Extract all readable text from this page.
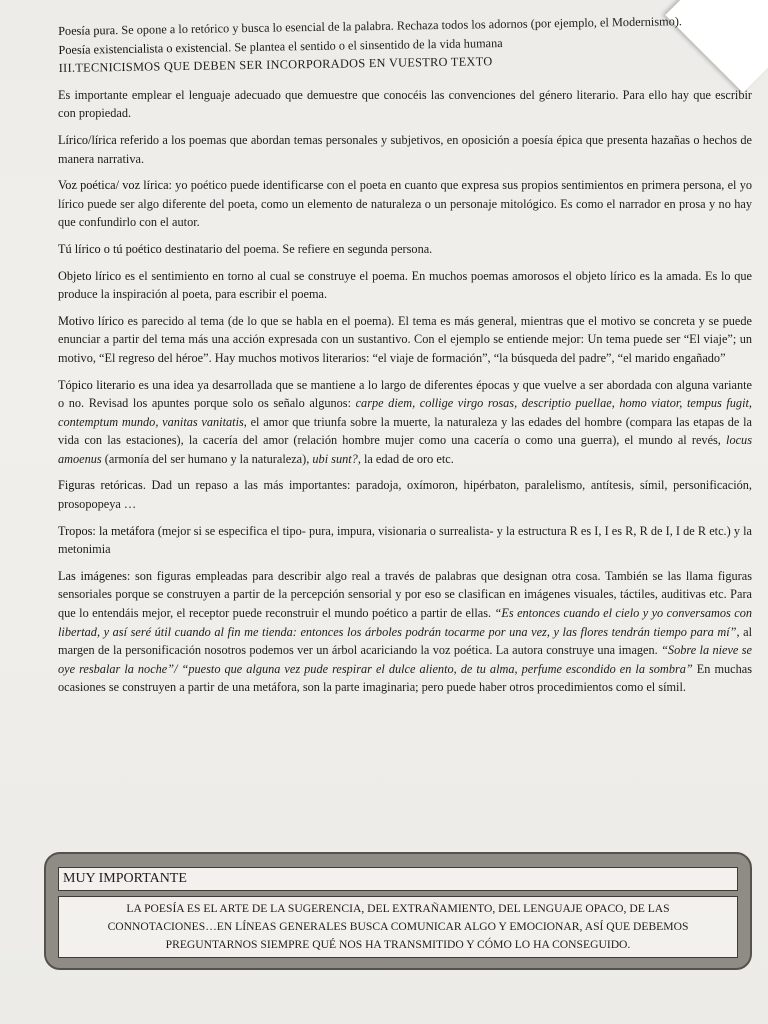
Poesía pura. Se opone a lo retórico y busca lo esencial de la palabra. Rechaza todos los adornos (por ejemplo, el Modernismo).

Poesía existencialista o existencial. Se plantea el sentido o el sinsentido de la vida humana

III.TECNICISMOS QUE DEBEN SER INCORPORADOS EN VUESTRO TEXTO

Es importante emplear el lenguaje adecuado que demuestre que conocéis las convenciones del género literario. Para ello hay que escribir con propiedad.

Lírico/lírica referido a los poemas que abordan temas personales y subjetivos, en oposición a poesía épica que presenta hazañas o hechos de manera narrativa.

Voz poética/ voz lírica: yo poético puede identificarse con el poeta en cuanto que expresa sus propios sentimientos en primera persona, el yo lírico puede ser algo diferente del poeta, como un elemento de naturaleza o un personaje mitológico. Es como el narrador en prosa y no hay que confundirlo con el autor.

Tú lírico o tú poético destinatario del poema. Se refiere en segunda persona.

Objeto lírico es el sentimiento en torno al cual se construye el poema. En muchos poemas amorosos el objeto lírico es la amada. Es lo que produce la inspiración al poeta, para escribir el poema.

Motivo lírico es parecido al tema (de lo que se habla en el poema). El tema es más general, mientras que el motivo se concreta y se puede enunciar a partir del tema más una acción expresada con un sustantivo. Con el ejemplo se entiende mejor: Un tema puede ser “El viaje”; un motivo, “El regreso del héroe”. Hay muchos motivos literarios: “el viaje de formación”, “la búsqueda del padre”, “el marido engañado”

Tópico literario es una idea ya desarrollada que se mantiene a lo largo de diferentes épocas y que vuelve a ser abordada con alguna variante o no. Revisad los apuntes porque solo os señalo algunos: carpe diem, collige virgo rosas, descriptio puellae, homo viator, tempus fugit, contemptum mundo, vanitas vanitatis, el amor que triunfa sobre la muerte, la naturaleza y las edades del hombre (compara las etapas de la vida con las estaciones), la cacería del amor (relación hombre mujer como una cacería o como una guerra), el mundo al revés, locus amoenus (armonía del ser humano y la naturaleza), ubi sunt?, la edad de oro etc.

Figuras retóricas. Dad un repaso a las más importantes: paradoja, oxímoron, hipérbaton, paralelismo, antítesis, símil, personificación, prosopopeya …

Tropos: la metáfora (mejor si se especifica el tipo- pura, impura, visionaria o surrealista- y la estructura R es I, I es R, R de I, I de R etc.) y la metonimia

Las imágenes: son figuras empleadas para describir algo real a través de palabras que designan otra cosa. También se las llama figuras sensoriales porque se construyen a partir de la percepción sensorial y por eso se clasifican en imágenes visuales, táctiles, auditivas etc. Para que lo entendáis mejor, el receptor puede reconstruir el mundo poético a partir de ellas. “Es entonces cuando el cielo y yo conversamos con libertad, y así seré útil cuando al fin me tienda: entonces los árboles podrán tocarme por una vez, y las flores tendrán tiempo para mí”, al margen de la personificación nosotros podemos ver un árbol acariciando la voz poética. La autora construye una imagen. “Sobre la nieve se oye resbalar la noche”/ “puesto que alguna vez pude respirar el dulce aliento, de tu alma, perfume escondido en la sombra” En muchas ocasiones se construyen a partir de una metáfora, son la parte imaginaria; pero puede haber otros procedimientos como el símil.

MUY IMPORTANTE
LA POESÍA ES EL ARTE DE LA SUGERENCIA, DEL EXTRAÑAMIENTO, DEL LENGUAJE OPACO, DE LAS
CONNOTACIONES…EN LÍNEAS GENERALES BUSCA COMUNICAR ALGO Y EMOCIONAR, ASÍ QUE DEBEMOS
PREGUNTARNOS SIEMPRE QUÉ NOS HA TRANSMITIDO Y CÓMO LO HA CONSEGUIDO.
